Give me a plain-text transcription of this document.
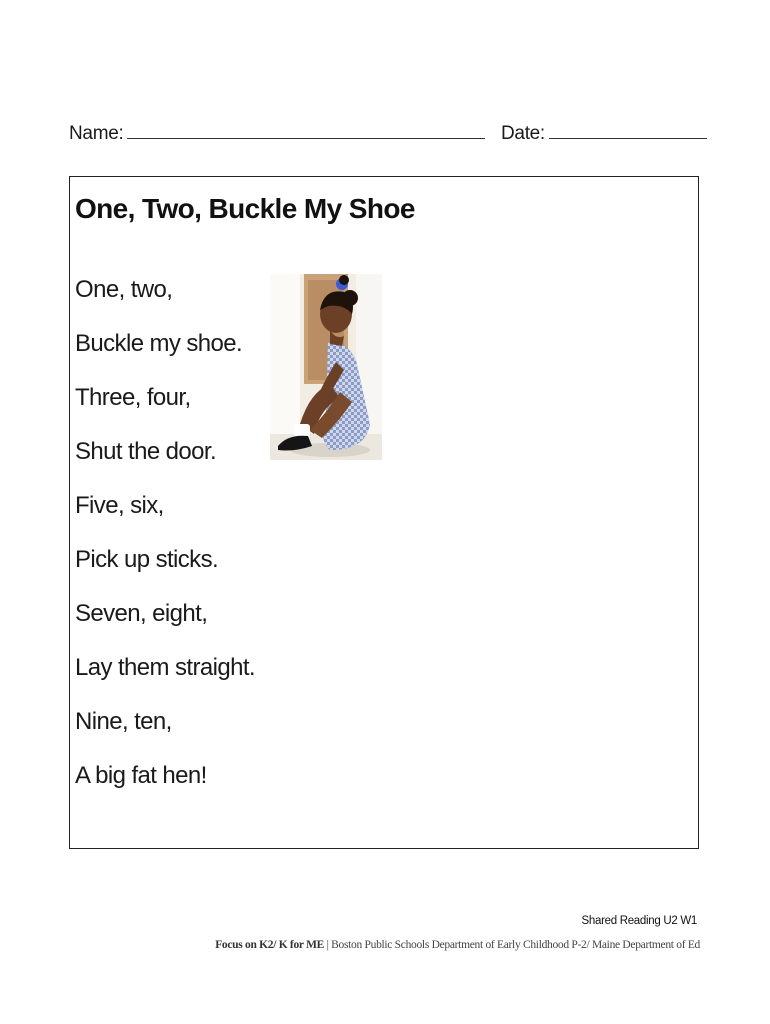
Name:	Date:
One, Two, Buckle My Shoe
One, two,
Buckle my shoe.
Three, four,
Shut the door.
Five, six,
Pick up sticks.
Seven, eight,
Lay them straight.
Nine, ten,
A big fat hen!
Shared Reading U2 W1
Focus on K2/ K for ME | Boston Public Schools Department of Early Childhood P-2/ Maine Department of Ed
